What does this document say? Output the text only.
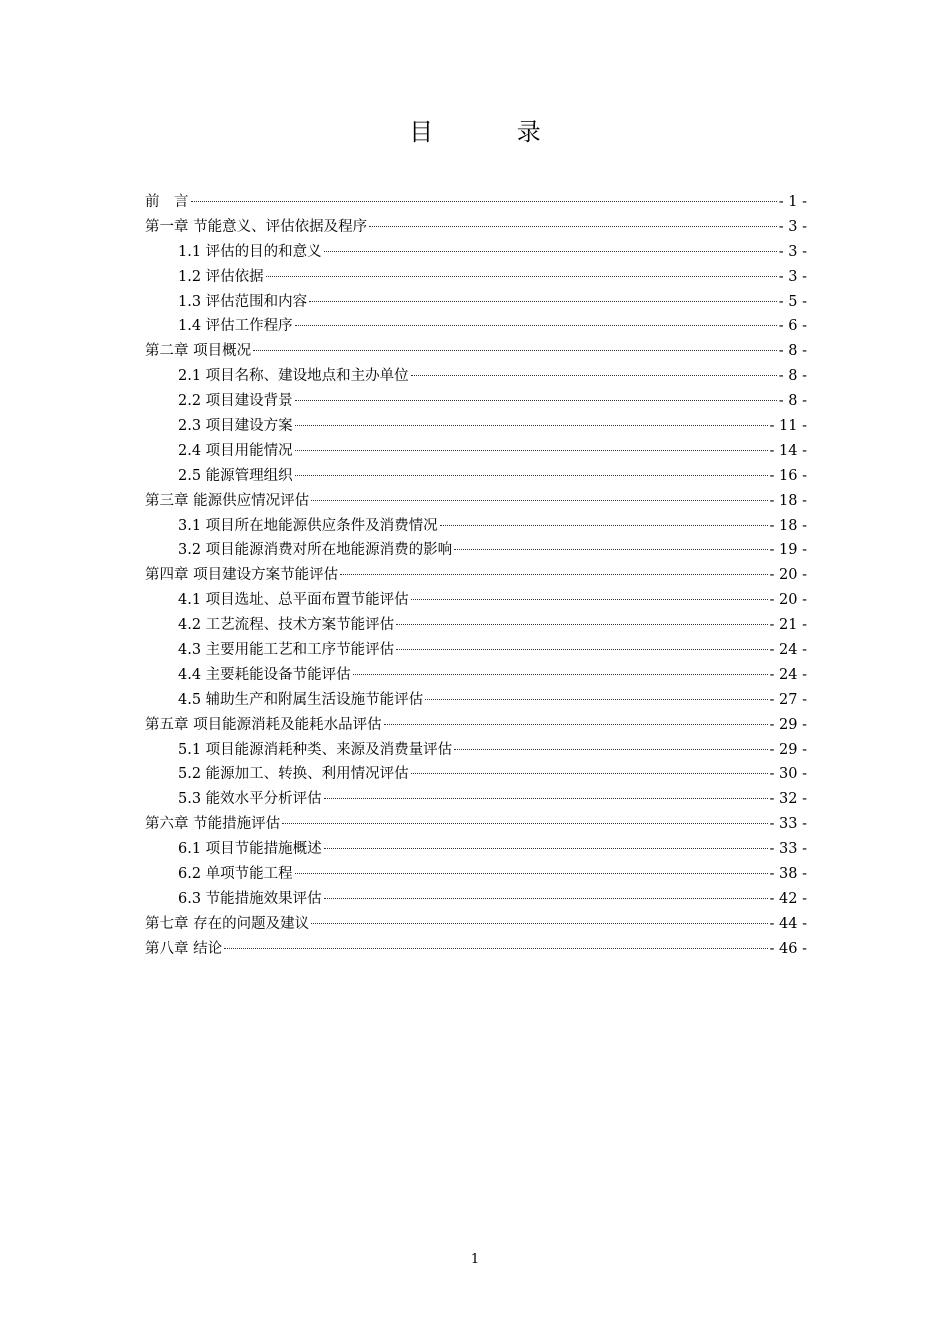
目 录
前　言	- 1 -
第一章 节能意义、评估依据及程序	- 3 -
1.1 评估的目的和意义	- 3 -
1.2 评估依据	- 3 -
1.3 评估范围和内容	- 5 -
1.4 评估工作程序	- 6 -
第二章 项目概况	- 8 -
2.1 项目名称、建设地点和主办单位	- 8 -
2.2 项目建设背景	- 8 -
2.3 项目建设方案	- 11 -
2.4 项目用能情况	- 14 -
2.5 能源管理组织	- 16 -
第三章 能源供应情况评估	- 18 -
3.1 项目所在地能源供应条件及消费情况	- 18 -
3.2 项目能源消费对所在地能源消费的影响	- 19 -
第四章 项目建设方案节能评估	- 20 -
4.1 项目选址、总平面布置节能评估	- 20 -
4.2 工艺流程、技术方案节能评估	- 21 -
4.3 主要用能工艺和工序节能评估	- 24 -
4.4 主要耗能设备节能评估	- 24 -
4.5 辅助生产和附属生活设施节能评估	- 27 -
第五章 项目能源消耗及能耗水品评估	- 29 -
5.1 项目能源消耗种类、来源及消费量评估	- 29 -
5.2 能源加工、转换、利用情况评估	- 30 -
5.3 能效水平分析评估	- 32 -
第六章 节能措施评估	- 33 -
6.1 项目节能措施概述	- 33 -
6.2 单项节能工程	- 38 -
6.3 节能措施效果评估	- 42 -
第七章 存在的问题及建议	- 44 -
第八章 结论	- 46 -
1
